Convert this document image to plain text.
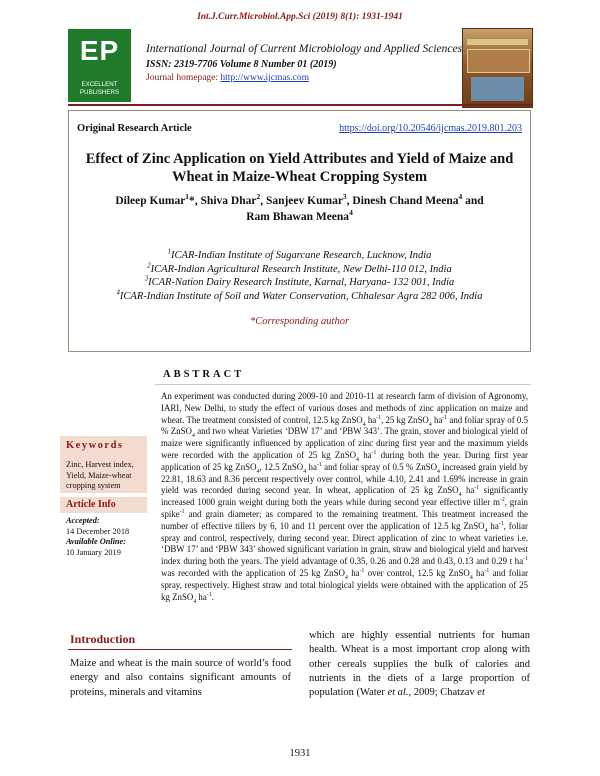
Int.J.Curr.Microbiol.App.Sci (2019) 8(1): 1931-1941
EP
EXCELLENT
PUBLISHERS
International Journal of Current Microbiology and Applied Sciences
ISSN: 2319-7706 Volume 8 Number 01 (2019)
Journal homepage: http://www.ijcmas.com
Original Research Article	https://doi.org/10.20546/ijcmas.2019.801.203
Effect of Zinc Application on Yield Attributes and Yield of Maize and
Wheat in Maize-Wheat Cropping System
Dileep Kumar$^1$*, Shiva Dhar$^2$, Sanjeev Kumar$^3$, Dinesh Chand Meena$^4$ and
Ram Bhawan Meena$^4$
$^1$ICAR-Indian Institute of Sugarcane Research, Lucknow, India
$^2$ICAR-Indian Agricultural Research Institute, New Delhi-110 012, India
$^3$ICAR-Nation Dairy Research Institute, Karnal, Haryana- 132 001, India
$^4$ICAR-Indian Institute of Soil and Water Conservation, Chhalesar Agra 282 006, India
*Corresponding author
ABSTRACT
An experiment was conducted during 2009-10 and 2010-11 at research farm of division of Agronomy, IARI, New Delhi, to study the effect of various doses and methods of zinc application on maize and wheat. The treatment consisted of control, 12.5 kg ZnSO$_4$ $ha^{-1}$, 25 kg ZnSO$_4$ $ha^{-1}$ and foliar spray of 0.5 % ZnSO$_4$ and two wheat Varieties ‘DBW 17’ and ‘PBW 343’. The grain, stover and biological yield of maize were significantly influenced by application of zinc during first year and the maximum yields were recorded with the application of 25 kg ZnSO$_4$ $ha^{-1}$ during both the year. During first year application of 25 kg ZnSO$_4$, 12.5 ZnSO$_4$ $ha^{-1}$ and foliar spray of 0.5 % ZnSO$_4$ increased grain yield by 22.81, 18.63 and 8.36 percent respectively over control, while 4.10, 2.41 and 1.69% increase in grain yield was recorded during second year. In wheat, application of 25 kg ZnSO$_4$ $ha^{-1}$ significantly increased 1000 grain weight during both the years while during second year effective tiller $m^{-2}$, grain spike$^{-1}$ and grain diameter; as compared to the remaining treatment. This treatment increased the number of effective tillers by 6, 10 and 11 percent over the application of 12.5 kg ZnSO$_4$ $ha^{-1}$, foliar spray and control, respectively, during second year. Direct application of zinc to wheat varieties i.e. ‘DBW 17’ and ‘PBW 343’ showed significant variation in grain, straw and biological yield and harvest index during both the years. The yield advantage of 0.35, 0.26 and 0.28 and 0.43, 0.13 and 0.29 t $ha^{-1}$ was recorded with the application of 25 kg ZnSO$_4$ $ha^{-1}$ over control, 12.5 kg ZnSO$_4$ $ha^{-1}$ and foliar spray, respectively. Highest straw and total biological yields were obtained with the application of 25 kg ZnSO$_4$ $ha^{-1}$.
Keywords
Zinc, Harvest index, Yield, Maize-wheat cropping system
Article Info
Accepted:
14 December 2018
Available Online:
10 January 2019
Introduction
Maize and wheat is the main source of world’s food energy and also contains significant amounts of proteins, minerals and vitamins
which are highly essential nutrients for human health. Wheat is a most important crop along with other cereals supplies the bulk of calories and nutrients in the diets of a large proportion of population (Water et al., 2009; Chatzav et
1931
